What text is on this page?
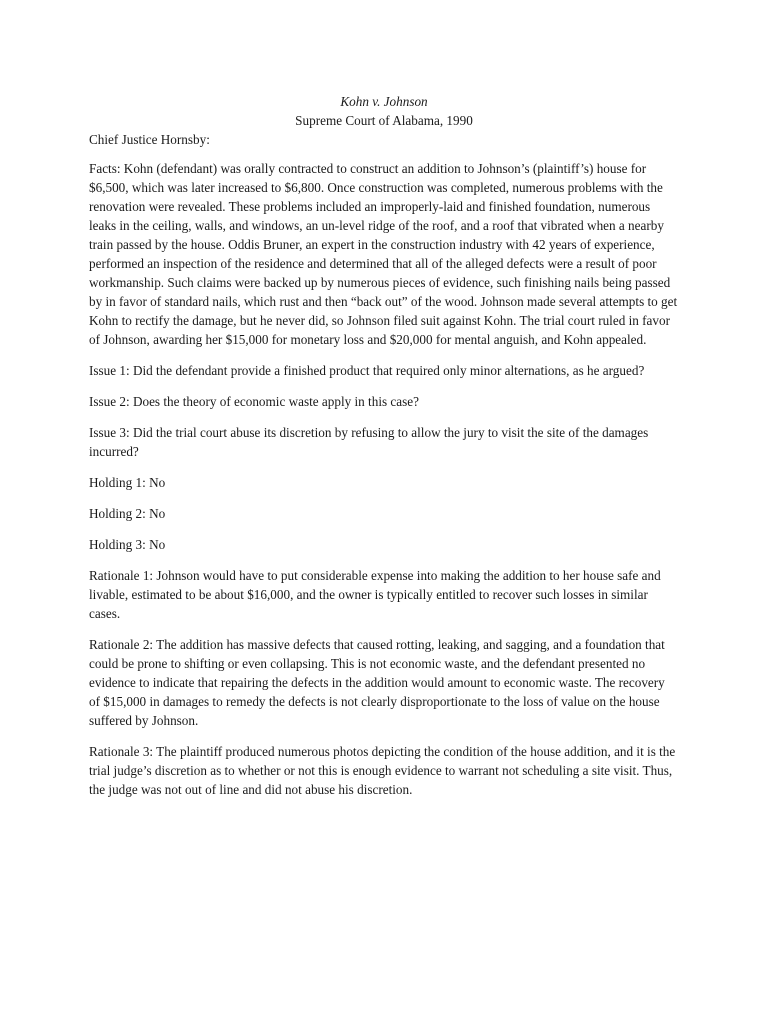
Kohn v. Johnson

Supreme Court of Alabama, 1990

Chief Justice Hornsby:

Facts: Kohn (defendant) was orally contracted to construct an addition to Johnson’s (plaintiff’s) house for $6,500, which was later increased to $6,800. Once construction was completed, numerous problems with the renovation were revealed. These problems included an improperly-laid and finished foundation, numerous leaks in the ceiling, walls, and windows, an un-level ridge of the roof, and a roof that vibrated when a nearby train passed by the house. Oddis Bruner, an expert in the construction industry with 42 years of experience, performed an inspection of the residence and determined that all of the alleged defects were a result of poor workmanship. Such claims were backed up by numerous pieces of evidence, such finishing nails being passed by in favor of standard nails, which rust and then “back out” of the wood. Johnson made several attempts to get Kohn to rectify the damage, but he never did, so Johnson filed suit against Kohn. The trial court ruled in favor of Johnson, awarding her $15,000 for monetary loss and $20,000 for mental anguish, and Kohn appealed.

Issue 1: Did the defendant provide a finished product that required only minor alternations, as he argued?

Issue 2: Does the theory of economic waste apply in this case?

Issue 3: Did the trial court abuse its discretion by refusing to allow the jury to visit the site of the damages incurred?

Holding 1: No

Holding 2: No

Holding 3: No

Rationale 1: Johnson would have to put considerable expense into making the addition to her house safe and livable, estimated to be about $16,000, and the owner is typically entitled to recover such losses in similar cases.

Rationale 2: The addition has massive defects that caused rotting, leaking, and sagging, and a foundation that could be prone to shifting or even collapsing. This is not economic waste, and the defendant presented no evidence to indicate that repairing the defects in the addition would amount to economic waste. The recovery of $15,000 in damages to remedy the defects is not clearly disproportionate to the loss of value on the house suffered by Johnson.

Rationale 3: The plaintiff produced numerous photos depicting the condition of the house addition, and it is the trial judge’s discretion as to whether or not this is enough evidence to warrant not scheduling a site visit. Thus, the judge was not out of line and did not abuse his discretion.
